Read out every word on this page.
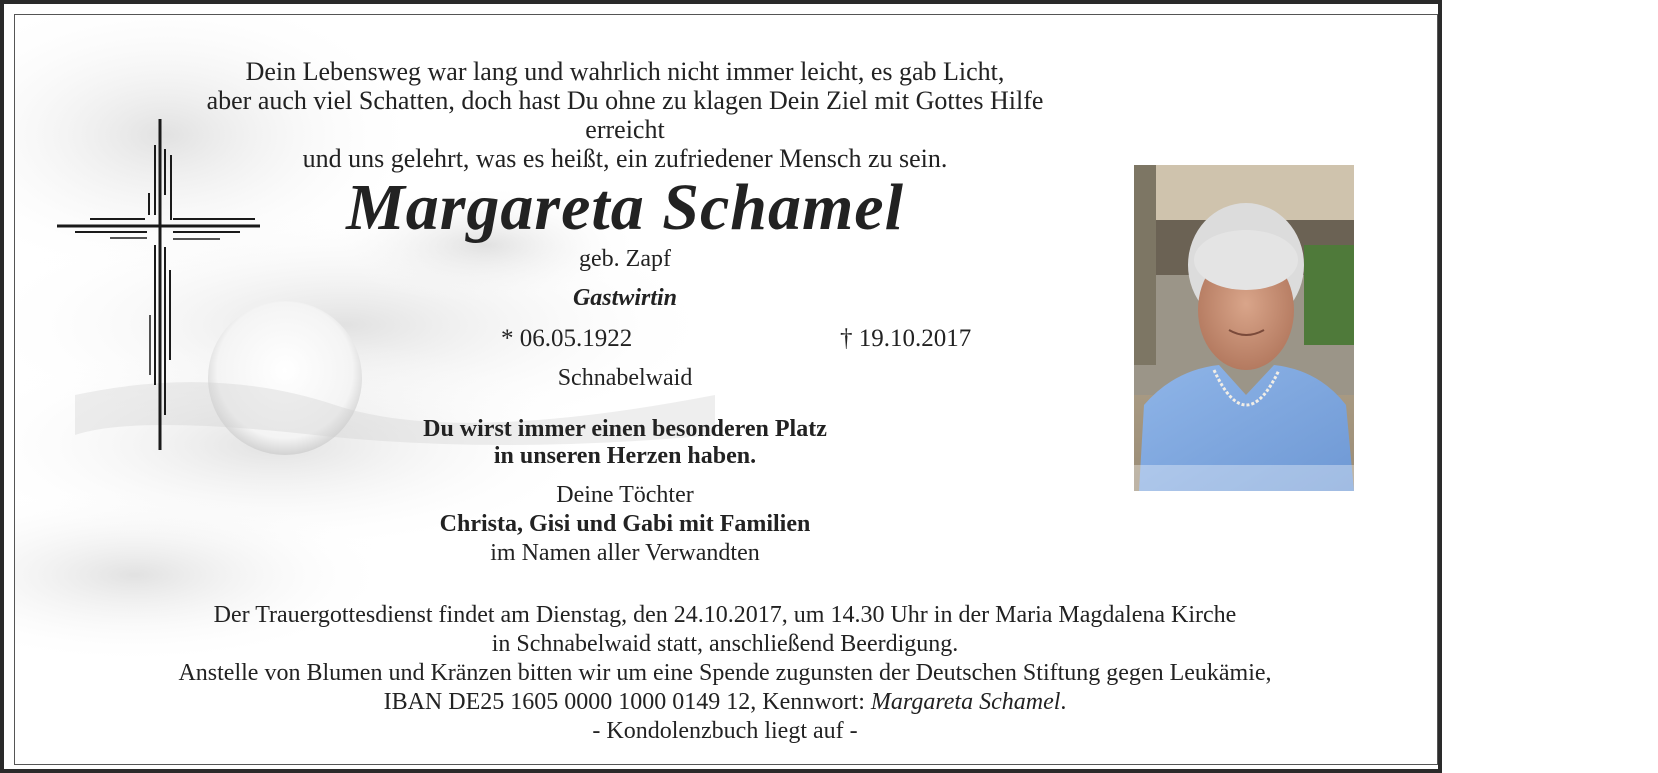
Dein Lebensweg war lang und wahrlich nicht immer leicht, es gab Licht,
aber auch viel Schatten, doch hast Du ohne zu klagen Dein Ziel mit Gottes Hilfe erreicht
und uns gelehrt, was es heißt, ein zufriedener Mensch zu sein.
Margareta Schamel
geb. Zapf
Gastwirtin
* 06.05.1922	† 19.10.2017
Schnabelwaid
Du wirst immer einen besonderen Platz
in unseren Herzen haben.
Deine Töchter
Christa, Gisi und Gabi mit Familien
im Namen aller Verwandten
Der Trauergottesdienst findet am Dienstag, den 24.10.2017, um 14.30 Uhr in der Maria Magdalena Kirche
in Schnabelwaid statt, anschließend Beerdigung.
Anstelle von Blumen und Kränzen bitten wir um eine Spende zugunsten der Deutschen Stiftung gegen Leukämie,
IBAN DE25 1605 0000 1000 0149 12, Kennwort: Margareta Schamel.
- Kondolenzbuch liegt auf -
